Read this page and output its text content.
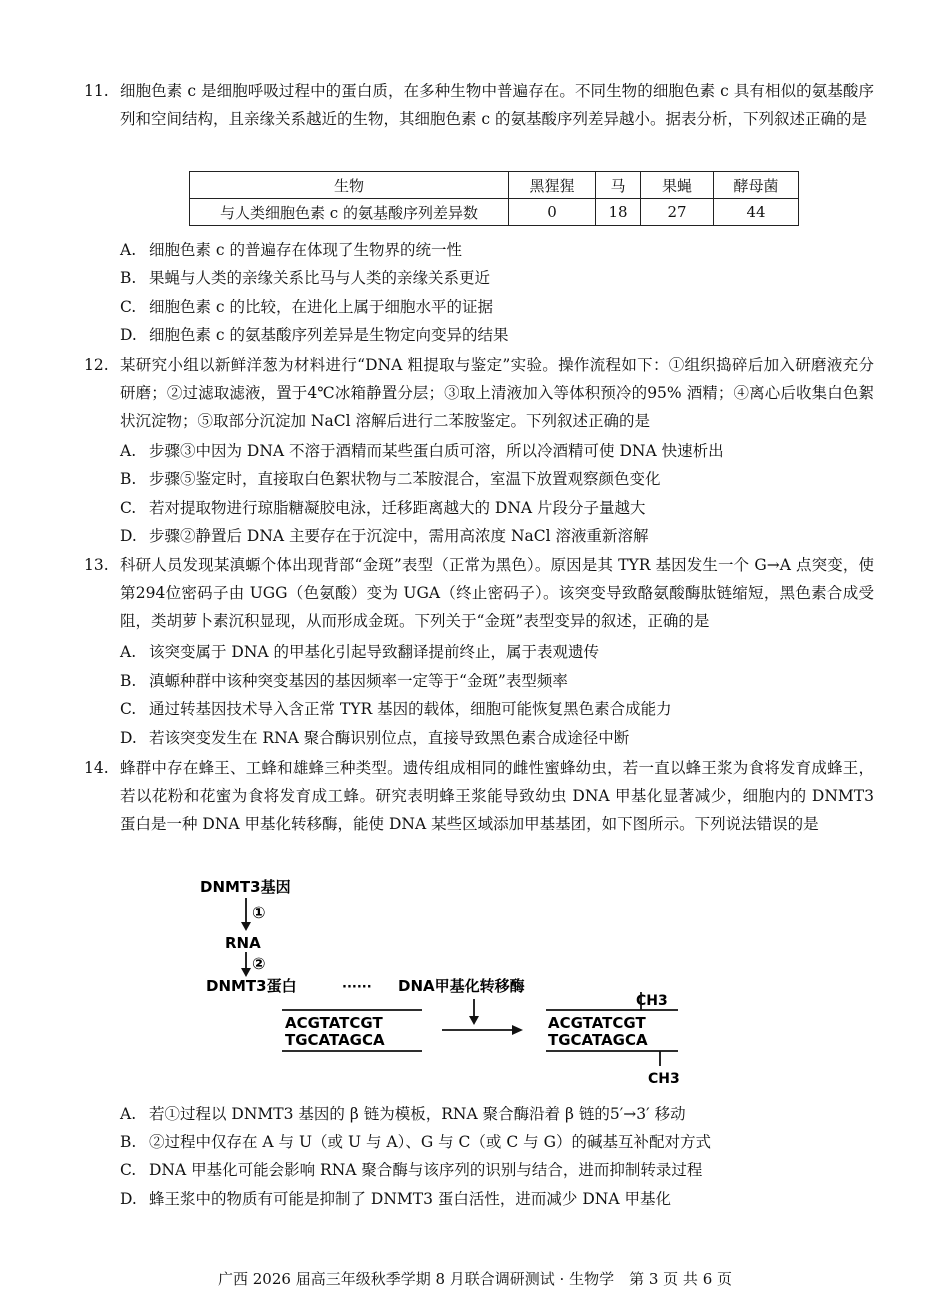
11. 细胞色素 c 是细胞呼吸过程中的蛋白质，在多种生物中普遍存在。不同生物的细胞色素 c 具有相似的氨基酸序列和空间结构，且亲缘关系越近的生物，其细胞色素 c 的氨基酸序列差异越小。据表分析，下列叙述正确的是
生物	黑猩猩	马	果蝇	酵母菌
与人类细胞色素 c 的氨基酸序列差异数	0	18	27	44
A. 细胞色素 c 的普遍存在体现了生物界的统一性
B. 果蝇与人类的亲缘关系比马与人类的亲缘关系更近
C. 细胞色素 c 的比较，在进化上属于细胞水平的证据
D. 细胞色素 c 的氨基酸序列差异是生物定向变异的结果
12. 某研究小组以新鲜洋葱为材料进行“DNA 粗提取与鉴定”实验。操作流程如下：①组织捣碎后加入研磨液充分研磨；②过滤取滤液，置于4℃冰箱静置分层；③取上清液加入等体积预冷的95% 酒精；④离心后收集白色絮状沉淀物；⑤取部分沉淀加 NaCl 溶解后进行二苯胺鉴定。下列叙述正确的是
A. 步骤③中因为 DNA 不溶于酒精而某些蛋白质可溶，所以冷酒精可使 DNA 快速析出
B. 步骤⑤鉴定时，直接取白色絮状物与二苯胺混合，室温下放置观察颜色变化
C. 若对提取物进行琼脂糖凝胶电泳，迁移距离越大的 DNA 片段分子量越大
D. 步骤②静置后 DNA 主要存在于沉淀中，需用高浓度 NaCl 溶液重新溶解
13. 科研人员发现某滇螈个体出现背部“金斑”表型（正常为黑色）。原因是其 TYR 基因发生一个 G→A 点突变，使第294位密码子由 UGG（色氨酸）变为 UGA（终止密码子）。该突变导致酪氨酸酶肽链缩短，黑色素合成受阻，类胡萝卜素沉积显现，从而形成金斑。下列关于“金斑”表型变异的叙述，正确的是
A. 该突变属于 DNA 的甲基化引起导致翻译提前终止，属于表观遗传
B. 滇螈种群中该种突变基因的基因频率一定等于“金斑”表型频率
C. 通过转基因技术导入含正常 TYR 基因的载体，细胞可能恢复黑色素合成能力
D. 若该突变发生在 RNA 聚合酶识别位点，直接导致黑色素合成途径中断
14. 蜂群中存在蜂王、工蜂和雄蜂三种类型。遗传组成相同的雌性蜜蜂幼虫，若一直以蜂王浆为食将发育成蜂王，若以花粉和花蜜为食将发育成工蜂。研究表明蜂王浆能导致幼虫 DNA 甲基化显著减少，细胞内的 DNMT3 蛋白是一种 DNA 甲基化转移酶，能使 DNA 某些区域添加甲基基团，如下图所示。下列说法错误的是
DNMT3基因
①
RNA
②
DNMT3蛋白	······ DNA甲基化转移酶
ACGTATCGT
TGCATAGCA
CH3
ACGTATCGT
TGCATAGCA
CH3
A. 若①过程以 DNMT3 基因的 β 链为模板，RNA 聚合酶沿着 β 链的5′→3′ 移动
B. ②过程中仅存在 A 与 U（或 U 与 A）、G 与 C（或 C 与 G）的碱基互补配对方式
C. DNA 甲基化可能会影响 RNA 聚合酶与该序列的识别与结合，进而抑制转录过程
D. 蜂王浆中的物质有可能是抑制了 DNMT3 蛋白活性，进而减少 DNA 甲基化
广西 2026 届高三年级秋季学期 8 月联合调研测试 · 生物学　第 3 页 共 6 页
